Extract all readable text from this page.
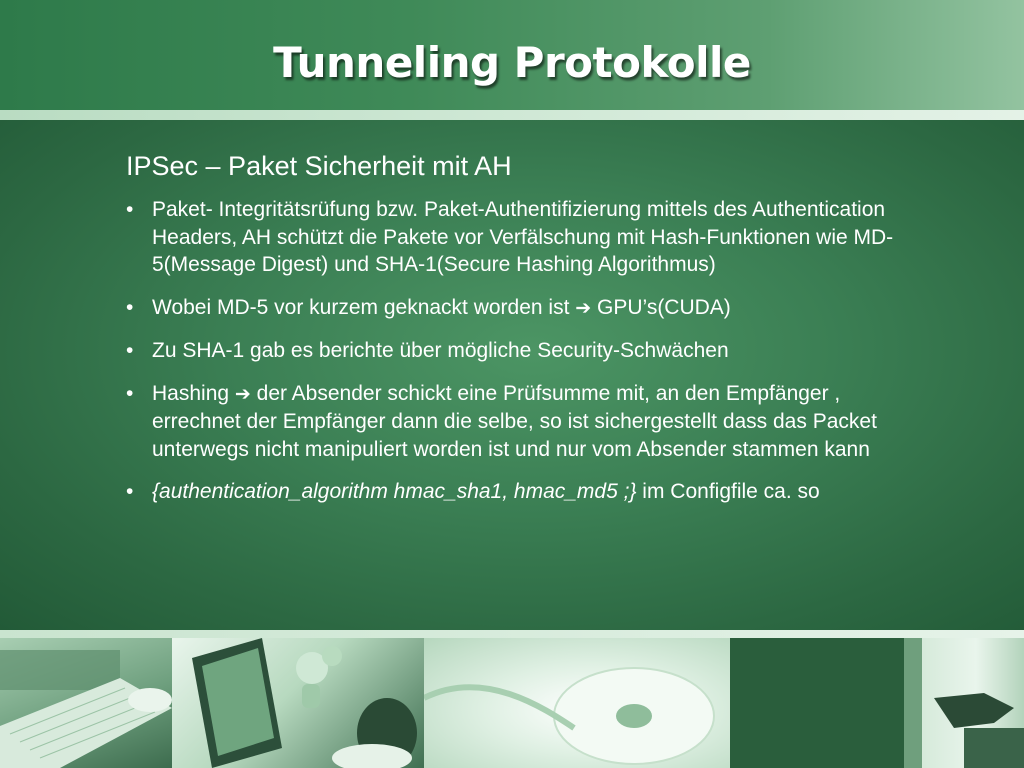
Tunneling Protokolle
IPSec – Paket Sicherheit mit AH
• Paket- Integritätsrüfung bzw. Paket-Authentifizierung mittels des Authentication Headers, AH schützt die Pakete vor Verfälschung mit Hash-Funktionen wie MD-5(Message Digest) und SHA-1(Secure Hashing Algorithmus)
• Wobei MD-5 vor kurzem geknackt worden ist ➔ GPU’s(CUDA)
• Zu SHA-1 gab es berichte über mögliche Security-Schwächen
• Hashing ➔ der Absender schickt eine Prüfsumme mit, an den Empfänger , errechnet der Empfänger dann die selbe, so ist sichergestellt dass das Packet unterwegs nicht manipuliert worden ist und nur vom Absender stammen kann
• {authentication_algorithm hmac_sha1, hmac_md5 ;} im Configfile ca. so
